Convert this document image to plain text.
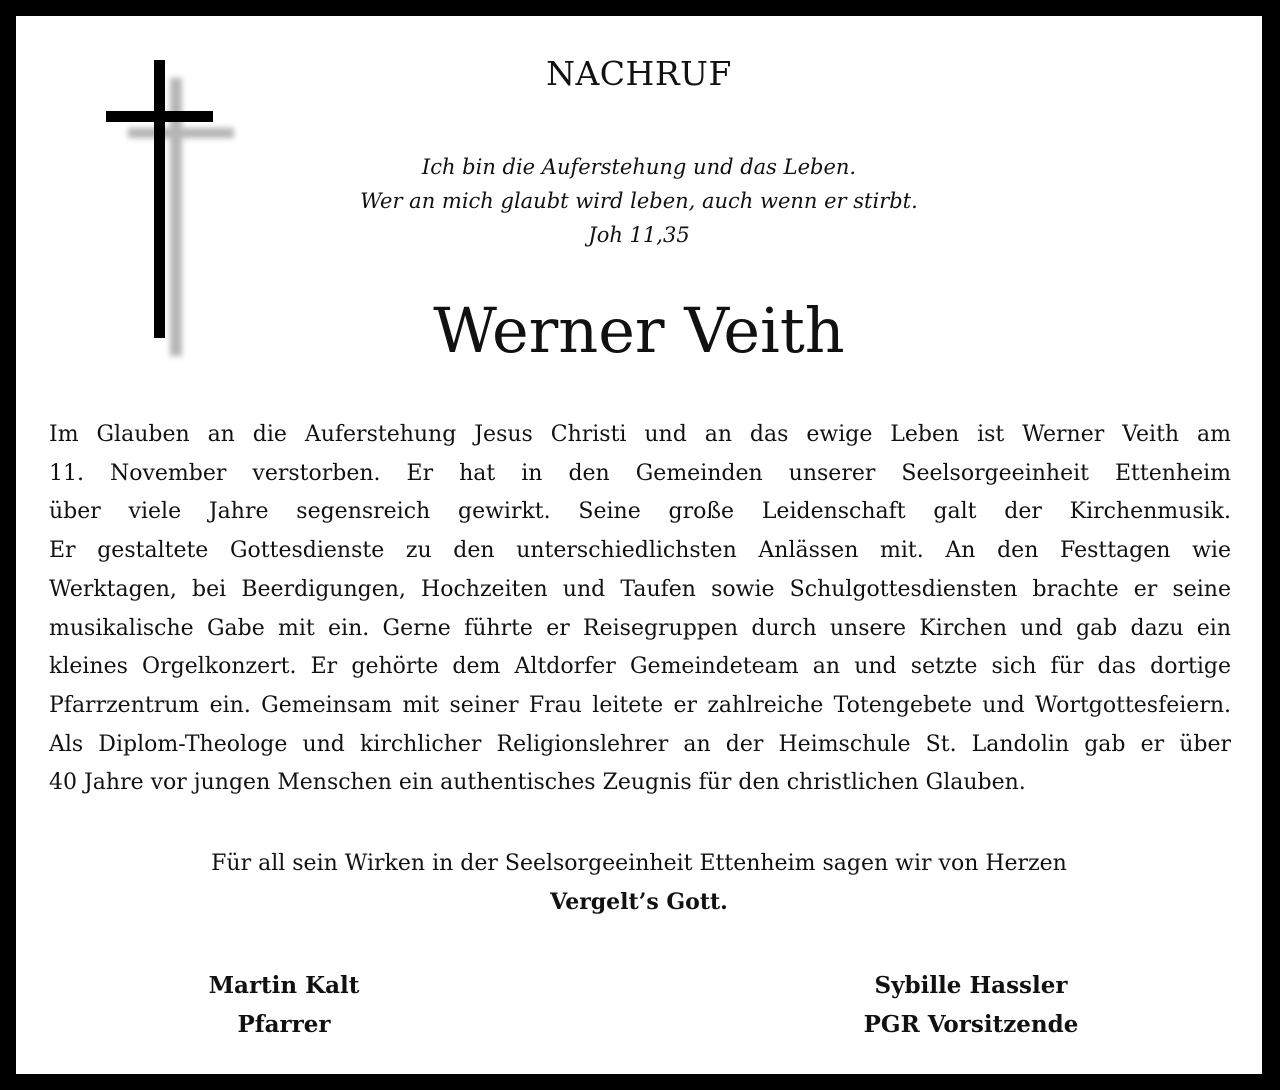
NACHRUF
Ich bin die Auferstehung und das Leben.
Wer an mich glaubt wird leben, auch wenn er stirbt.
Joh 11,35
Werner Veith

Im Glauben an die Auferstehung Jesus Christi und an das ewige Leben ist Werner Veith am
11. November verstorben. Er hat in den Gemeinden unserer Seelsorgeeinheit Ettenheim
über viele Jahre segensreich gewirkt. Seine große Leidenschaft galt der Kirchenmusik.
Er gestaltete Gottesdienste zu den unterschiedlichsten Anlässen mit. An den Festtagen wie
Werktagen, bei Beerdigungen, Hochzeiten und Taufen sowie Schulgottesdiensten brachte er seine
musikalische Gabe mit ein. Gerne führte er Reisegruppen durch unsere Kirchen und gab dazu ein
kleines Orgelkonzert. Er gehörte dem Altdorfer Gemeindeteam an und setzte sich für das dortige
Pfarrzentrum ein. Gemeinsam mit seiner Frau leitete er zahlreiche Totengebete und Wortgottesfeiern.
Als Diplom-Theologe und kirchlicher Religionslehrer an der Heimschule St. Landolin gab er über
40 Jahre vor jungen Menschen ein authentisches Zeugnis für den christlichen Glauben.

Für all sein Wirken in der Seelsorgeeinheit Ettenheim sagen wir von Herzen
Vergelt’s Gott.
Martin Kalt
Pfarrer
Sybille Hassler
PGR Vorsitzende
